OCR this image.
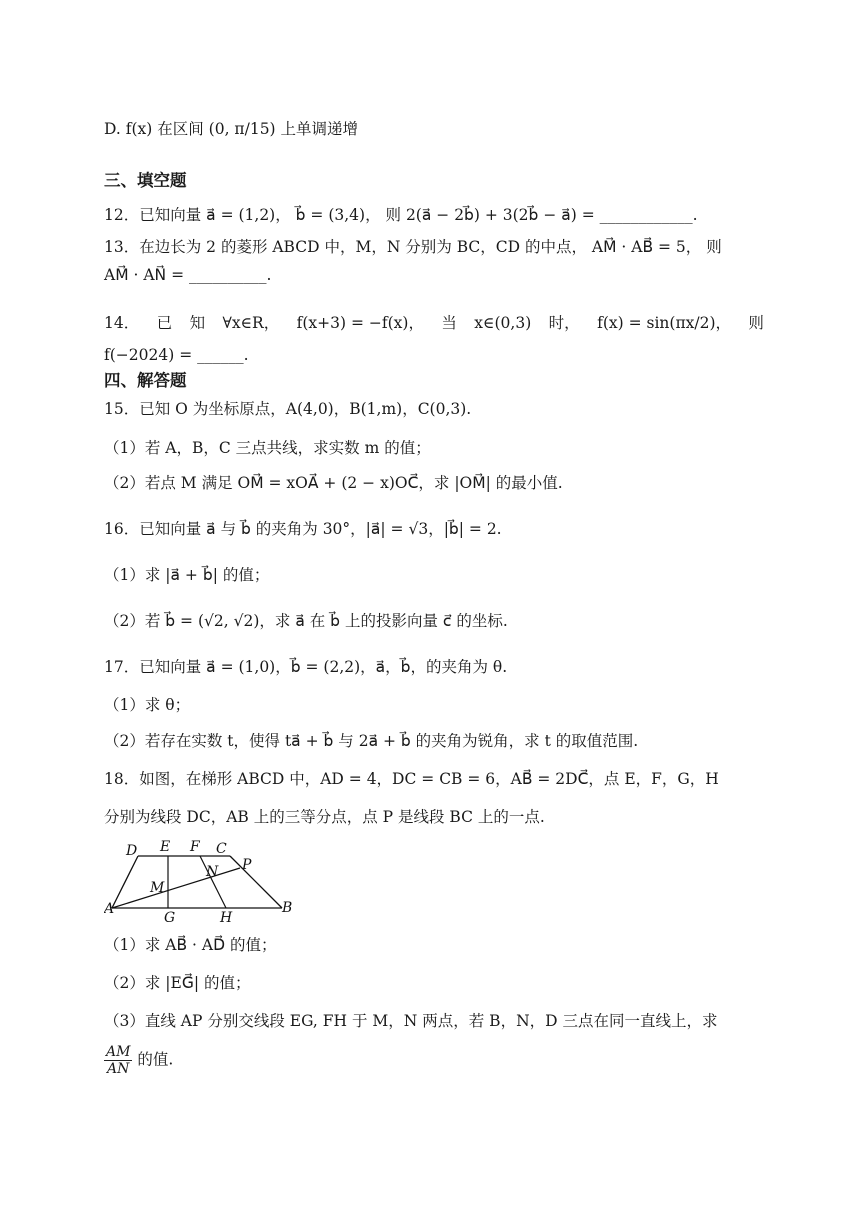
D. f(x) 在区间 (0, π/15) 上单调递增
三、填空题
12．已知向量 a⃗ = (1,2)， b⃗ = (3,4)， 则 2(a⃗ − 2b⃗) + 3(2b⃗ − a⃗) = ____________.
13．在边长为 2 的菱形 ABCD 中，M，N 分别为 BC，CD 的中点， AM⃗ · AB⃗ = 5， 则
AM⃗ · AN⃗ = __________.
14． 已 知 ∀x∈R， f(x+3) = −f(x)， 当 x∈(0,3) 时， f(x) = sin(πx/2)， 则
f(−2024) = ______.
四、解答题
15．已知 O 为坐标原点，A(4,0)，B(1,m)，C(0,3).
（1）若 A，B，C 三点共线，求实数 m 的值；
（2）若点 M 满足 OM⃗ = xOA⃗ + (2 − x)OC⃗，求 |OM⃗| 的最小值.
16．已知向量 a⃗ 与 b⃗ 的夹角为 30°，|a⃗| = √3，|b⃗| = 2.
（1）求 |a⃗ + b⃗| 的值；
（2）若 b⃗ = (√2, √2)，求 a⃗ 在 b⃗ 上的投影向量 c⃗ 的坐标.
17．已知向量 a⃗ = (1,0)，b⃗ = (2,2)，a⃗，b⃗，的夹角为 θ.
（1）求 θ；
（2）若存在实数 t，使得 ta⃗ + b⃗ 与 2a⃗ + b⃗ 的夹角为锐角，求 t 的取值范围.
18．如图，在梯形 ABCD 中，AD = 4，DC = CB = 6，AB⃗ = 2DC⃗，点 E，F，G，H
分别为线段 DC，AB 上的三等分点，点 P 是线段 BC 上的一点.
D E F C
P
N
M
A
G	H
B
（1）求 AB⃗ · AD⃗ 的值；
（2）求 |EG⃗| 的值；
（3）直线 AP 分别交线段 EG, FH 于 M，N 两点，若 B，N，D 三点在同一直线上，求
$\frac{AM}{AN}$ 的值.
